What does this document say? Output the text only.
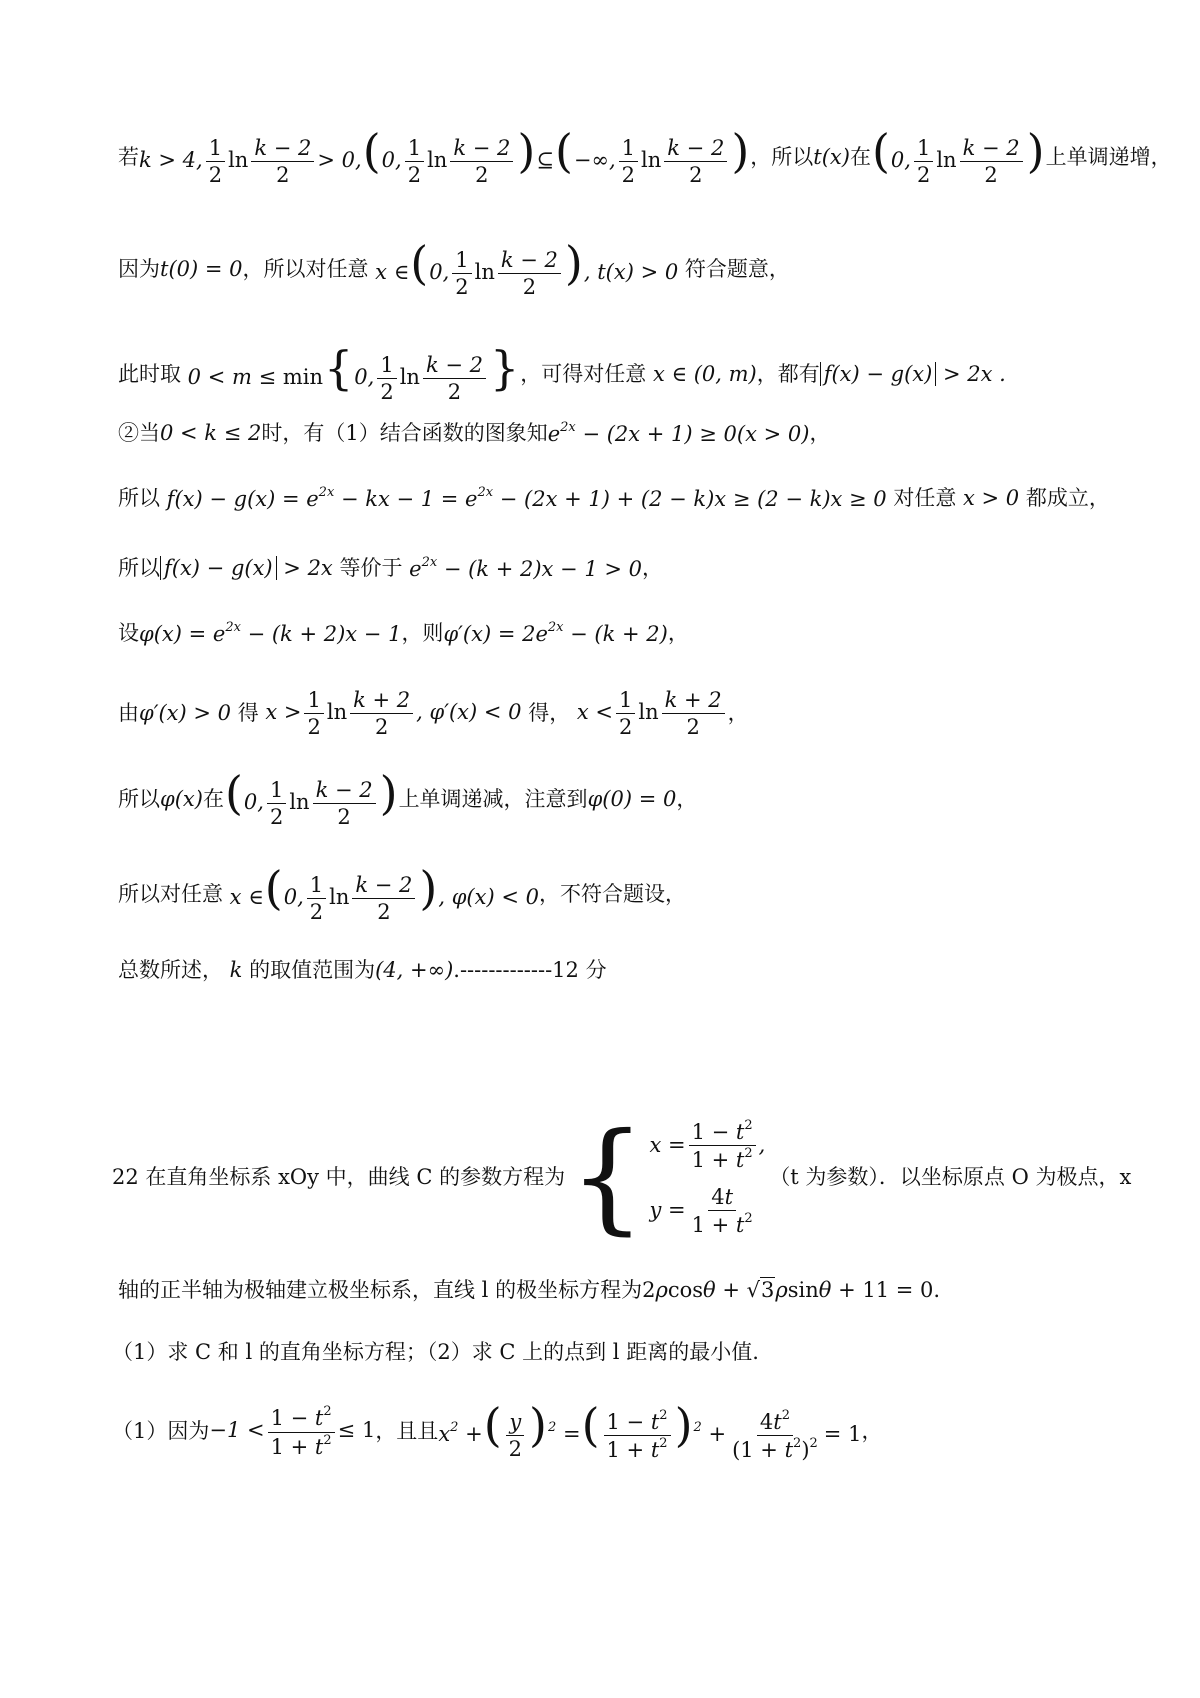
若 k > 4, $\frac{1}{2}$ $\ln \frac{k - 2}{2} > 0,(0$, $\frac{1}{2}$ $\ln \frac{k - 2}{2}$ )⊆(−∞, $\frac{1}{2}$ $\ln \frac{k - 2}{2}$ ) ，所以 t(x) 在 (0, $\frac{1}{2}$ $\ln \frac{k - 2}{2}$ ) 上单调递增，
因为 t(0) = 0 ，所以对任意 x ∈(0, $\frac{1}{2}$ $\ln \frac{k - 2}{2}$ ), t(x) > 0 符合题意，
此时取 0 < m ≤ min{0, $\frac{1}{2}$ $\ln \frac{k - 2}{2}$ } ，可得对任意 x ∈ (0, m) ，都有 f(x) − g(x) > 2x .
②当 0 < k ≤ 2 时，有（1）结合函数的图象知 $e^{2x} - (2x + 1) \ge 0(x > 0)$ ，
所以 $f(x) - g(x) = e^{2x}$ − kx − $1 = e^{2x} - (2x + 1) + (2 - k)x \ge (2 - k)x \ge 0$ 对任意 x > 0 都成立，
所以 f(x) − g(x) > 2x 等价于 $e^{2x} - (k + 2)x - 1 > 0$ ，
设 $\varphi(x) = e^{2x} - (k + 2)x - 1$ ，则 $\varphi'(x) = 2e^{2x} - (k + 2)$ ，
由 φ′(x) > 0 得 $x > \frac{1}{2}$ $\ln \frac{k + 2}{2}$ , φ′(x) < 0 得， $x < \frac{1}{2}$ $\ln \frac{k + 2}{2}$ ，
所以 φ(x) 在 (0, $\frac{1}{2}$ $\ln \frac{k - 2}{2}$ ) 上单调递减，注意到 φ(0) = 0 ，
所以对任意 x ∈(0, $\frac{1}{2}$ $\ln \frac{k - 2}{2}$ ), φ(x) < 0 ，不符合题设，
总数所述， k 的取值范围为 (4, +∞) .-------------12 分
22 在直角坐标系 xOy 中，曲线 C 的参数方程为 { $x = \frac{1 - t^2}{1 + t^2}$ ,
$y = \frac{4t}{1 + t^2}$
（t 为参数）．以坐标原点 O 为极点，x
轴的正半轴为极轴建立极坐标系，直线 l 的极坐标方程为 2ρcosθ + √3ρsinθ + 11 = 0 .
（1）求 C 和 l 的直角坐标方程；（2）求 C 上的点到 l 距离的最小值.
（1）因为 $-1 < \frac{1 - t^2}{1 + t^2} \le 1$ ，且且 $x^2$ +( $\frac{y}{2} )^2$ =( $\frac{1 - t^2}{1 + t^2} )^2 + \frac{4t^2}{(1 + t^2)^2} = 1$ ，
